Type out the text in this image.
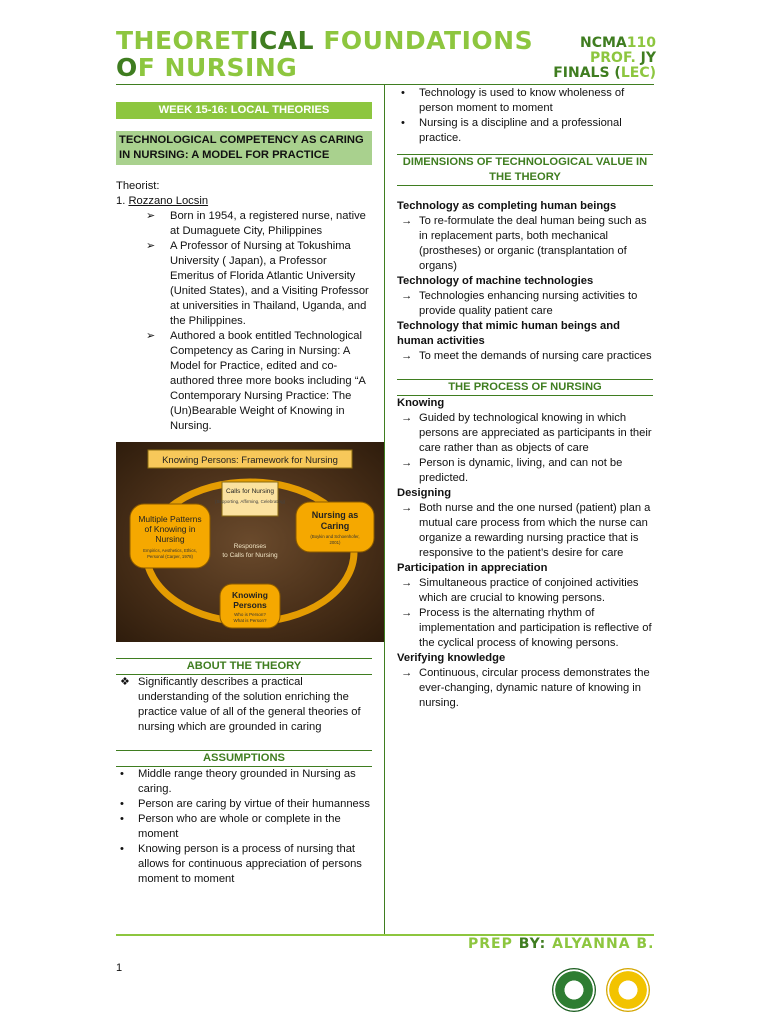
THEORETICAL FOUNDATIONS
OF NURSING
NCMA110
PROF. JY
FINALS (LEC)
WEEK 15-16: LOCAL THEORIES
TECHNOLOGICAL COMPETENCY AS CARING IN NURSING: A MODEL FOR PRACTICE
Theorist:
1. Rozzano Locsin
➢	Born in 1954, a registered nurse, native at Dumaguete City, Philippines
➢	A Professor of Nursing at Tokushima University ( Japan), a Professor Emeritus of Florida Atlantic University (United States), and a Visiting Professor at universities in Thailand, Uganda, and the Philippines.
➢	Authored a book entitled Technological Competency as Caring in Nursing: A Model for Practice, edited and co-authored three more books including “A Contemporary Nursing Practice: The (Un)Bearable Weight of Knowing in Nursing.
Knowing Persons: Framework for Nursing
Calls for Nursing
(Supporting, Affirming, Celebrating)
Multiple Patterns
of Knowing in
Nursing
Empirics, Aesthetics, Ethics,
Personal (Carper, 1978)
Nursing as
Caring
(Boykin and Schoenhofer,
2001)
Responses
to Calls for Nursing
Knowing
Persons
Who is Person?
What is Person?
ABOUT THE THEORY
❖ Significantly describes a practical understanding of the solution enriching the practice value of all of the general theories of nursing which are grounded in caring
ASSUMPTIONS
•	Middle range theory grounded in Nursing as caring.
•	Person are caring by virtue of their humanness
•	Person who are whole or complete in the moment
•	Knowing person is a process of nursing that allows for continuous appreciation of persons moment to moment
•	Technology is used to know wholeness of person moment to moment
•	Nursing is a discipline and a professional practice.
DIMENSIONS OF TECHNOLOGICAL VALUE IN THE THEORY
Technology as completing human beings
→ To re-formulate the deal human being such as in replacement parts, both mechanical (prostheses) or organic (transplantation of organs)
Technology of machine technologies
→ Technologies enhancing nursing activities to provide quality patient care
Technology that mimic human beings and human activities
→ To meet the demands of nursing care practices
THE PROCESS OF NURSING
Knowing
→ Guided by technological knowing in which persons are appreciated as participants in their care rather than as objects of care
→ Person is dynamic, living, and can not be predicted.
Designing
→ Both nurse and the one nursed (patient) plan a mutual care process from which the nurse can organize a rewarding nursing practice that is responsive to the patient’s desire for care
Participation in appreciation
→ Simultaneous practice of conjoined activities which are crucial to knowing persons.
→ Process is the alternating rhythm of implementation and participation is reflective of the cyclical process of knowing persons.
Verifying knowledge
→ Continuous, circular process demonstrates the ever-changing, dynamic nature of knowing in nursing.
PREP BY: ALYANNA B.
1
